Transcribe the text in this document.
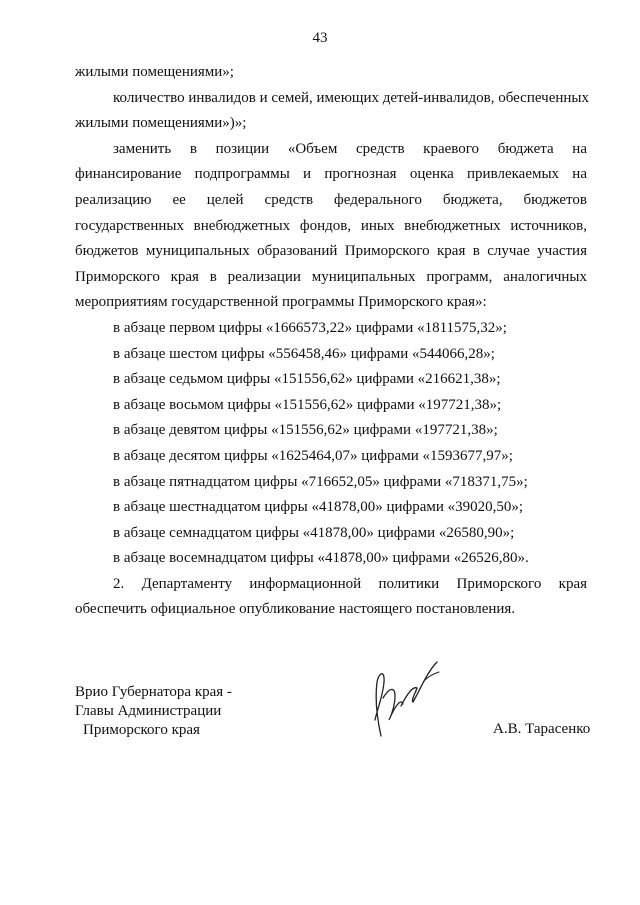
43
жилыми помещениями»;
количество инвалидов и семей, имеющих детей-инвалидов, обеспеченных
жилыми помещениями»)»;
заменить в позиции «Объем средств краевого бюджета на
финансирование подпрограммы и прогнозная оценка привлекаемых на
реализацию ее целей средств федерального бюджета, бюджетов
государственных внебюджетных фондов, иных внебюджетных источников,
бюджетов муниципальных образований Приморского края в случае участия
Приморского края в реализации муниципальных программ, аналогичных
мероприятиям государственной программы Приморского края»:
в абзаце первом цифры «1666573,22» цифрами «1811575,32»;
в абзаце шестом цифры «556458,46» цифрами «544066,28»;
в абзаце седьмом цифры «151556,62» цифрами «216621,38»;
в абзаце восьмом цифры «151556,62» цифрами «197721,38»;
в абзаце девятом цифры «151556,62» цифрами «197721,38»;
в абзаце десятом цифры «1625464,07» цифрами «1593677,97»;
в абзаце пятнадцатом цифры «716652,05» цифрами «718371,75»;
в абзаце шестнадцатом цифры «41878,00» цифрами «39020,50»;
в абзаце семнадцатом цифры «41878,00» цифрами «26580,90»;
в абзаце восемнадцатом цифры «41878,00» цифрами «26526,80».
2. Департаменту информационной политики Приморского края
обеспечить официальное опубликование настоящего постановления.
Врио Губернатора края -
Главы Администрации
Приморского края	А.В. Тарасенко
